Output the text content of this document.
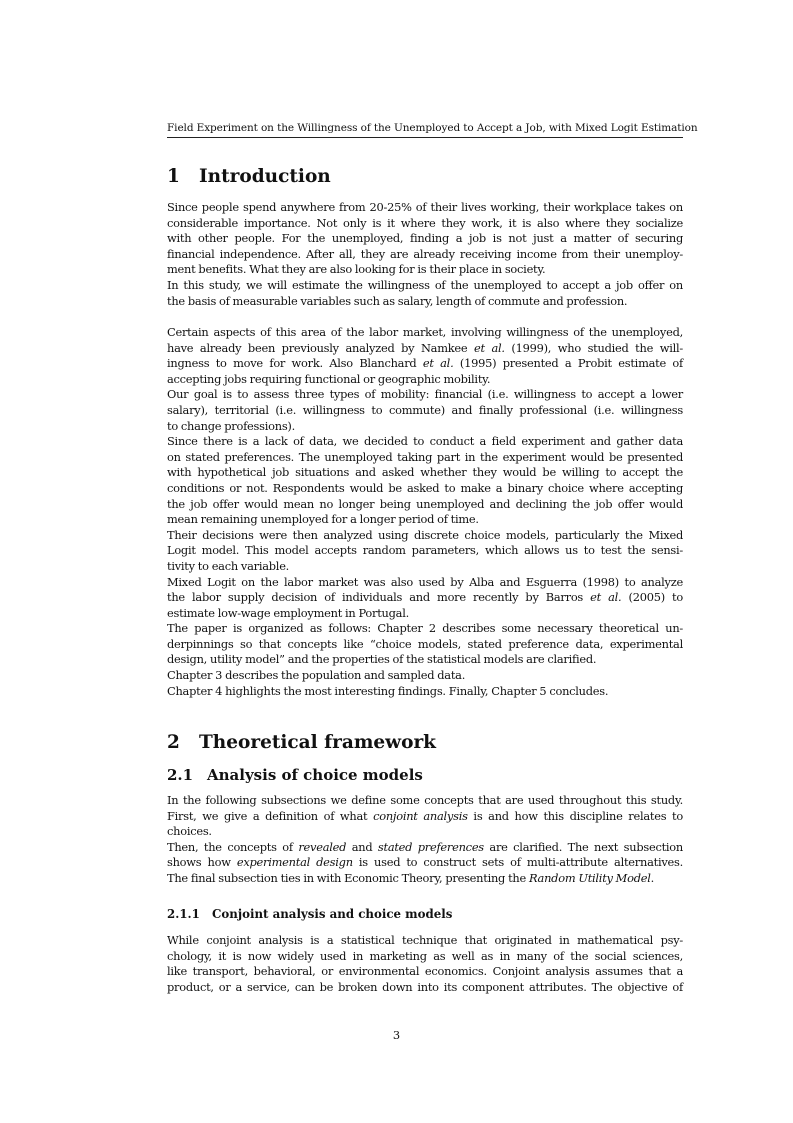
Field Experiment on the Willingness of the Unemployed to Accept a Job, with Mixed Logit Estimation
1 Introduction
Since people spend anywhere from 20-25% of their lives working, their workplace takes on
considerable importance. Not only is it where they work, it is also where they socialize
with other people. For the unemployed, finding a job is not just a matter of securing
financial independence. After all, they are already receiving income from their unemploy-
ment benefits. What they are also looking for is their place in society.
In this study, we will estimate the willingness of the unemployed to accept a job offer on
the basis of measurable variables such as salary, length of commute and profession.
Certain aspects of this area of the labor market, involving willingness of the unemployed,
have already been previously analyzed by Namkee et al. (1999), who studied the will-
ingness to move for work. Also Blanchard et al. (1995) presented a Probit estimate of
accepting jobs requiring functional or geographic mobility.
Our goal is to assess three types of mobility: financial (i.e. willingness to accept a lower
salary), territorial (i.e. willingness to commute) and finally professional (i.e. willingness
to change professions).
Since there is a lack of data, we decided to conduct a field experiment and gather data
on stated preferences. The unemployed taking part in the experiment would be presented
with hypothetical job situations and asked whether they would be willing to accept the
conditions or not. Respondents would be asked to make a binary choice where accepting
the job offer would mean no longer being unemployed and declining the job offer would
mean remaining unemployed for a longer period of time.
Their decisions were then analyzed using discrete choice models, particularly the Mixed
Logit model. This model accepts random parameters, which allows us to test the sensi-
tivity to each variable.
Mixed Logit on the labor market was also used by Alba and Esguerra (1998) to analyze
the labor supply decision of individuals and more recently by Barros et al. (2005) to
estimate low-wage employment in Portugal.
The paper is organized as follows: Chapter 2 describes some necessary theoretical un-
derpinnings so that concepts like “choice models, stated preference data, experimental
design, utility model” and the properties of the statistical models are clarified.
Chapter 3 describes the population and sampled data.
Chapter 4 highlights the most interesting findings. Finally, Chapter 5 concludes.
2 Theoretical framework
2.1 Analysis of choice models
In the following subsections we define some concepts that are used throughout this study.
First, we give a definition of what conjoint analysis is and how this discipline relates to
choices.
Then, the concepts of revealed and stated preferences are clarified. The next subsection
shows how experimental design is used to construct sets of multi-attribute alternatives.
The final subsection ties in with Economic Theory, presenting the Random Utility Model.
2.1.1 Conjoint analysis and choice models
While conjoint analysis is a statistical technique that originated in mathematical psy-
chology, it is now widely used in marketing as well as in many of the social sciences,
like transport, behavioral, or environmental economics. Conjoint analysis assumes that a
product, or a service, can be broken down into its component attributes. The objective of
3
